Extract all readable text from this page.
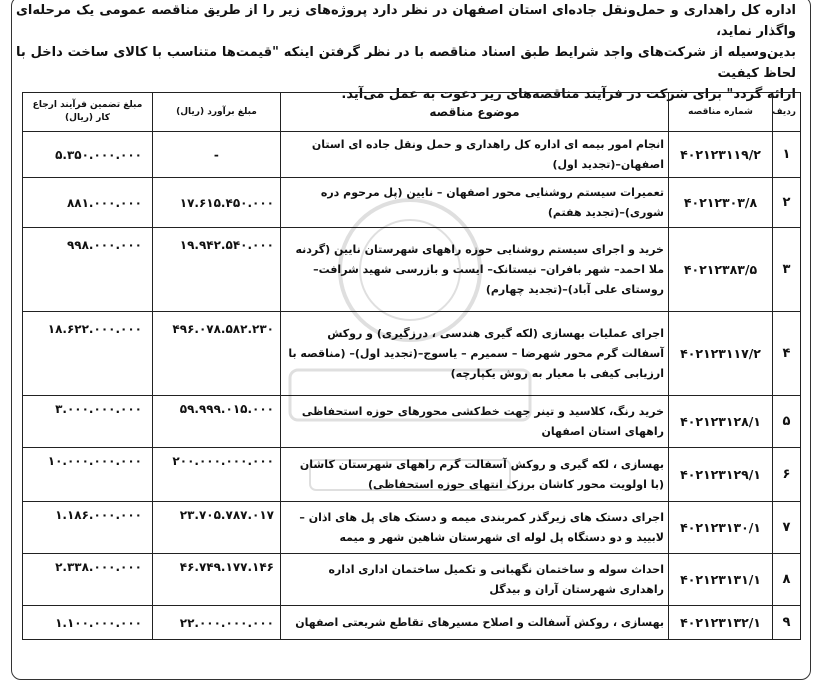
اداره کل راهداری و حمل‌ونقل جاده‌ای استان اصفهان در نظر دارد پروژه‌های زیر را از طریق مناقصه عمومی یک مرحله‌ای واگذار نماید،

بدین‌وسیله از شرکت‌های واجد شرایط طبق اسناد مناقصه با در نظر گرفتن اینکه "قیمت‌ها متناسب با کالای ساخت داخل با لحاظ کیفیت

ارائه گردد" برای شرکت در فرآیند مناقصه‌های زیر دعوت به عمل می‌آید.

ردیف	شماره مناقصه	موضوع مناقصه	مبلغ برآورد (ریال)	مبلغ تضمین فرآیند ارجاع کار (ریال)
۱	۴۰۲۱۲۳۱۱۹/۲	انجام امور بیمه ای اداره کل راهداری و حمل ونقل جاده ای استان اصفهان–(تجدید اول)	-	۵.۳۵۰.۰۰۰.۰۰۰
۲	۴۰۲۱۲۳۰۳/۸	تعمیرات سیستم روشنایی محور اصفهان – نایین (پل مرحوم دره شوری)–(تجدید هفتم)	۱۷.۶۱۵.۴۵۰.۰۰۰	۸۸۱.۰۰۰.۰۰۰
۳	۴۰۲۱۲۳۸۳/۵	خرید و اجرای سیستم روشنایی حوزه راههای شهرستان نایین (گردنه ملا احمد– شهر بافران– نیستانک– ایست و بازرسی شهید شرافت– روستای علی آباد)–(تجدید چهارم)	۱۹.۹۴۲.۵۴۰.۰۰۰	۹۹۸.۰۰۰.۰۰۰
۴	۴۰۲۱۲۳۱۱۷/۲	اجرای عملیات بهسازی (لکه گیری هندسی ، درزگیری) و روکش آسفالت گرم محور شهرضا – سمیرم – یاسوج–(تجدید اول)– (مناقصه با ارزیابی کیفی با معیار به روش یکپارچه)	۴۹۶.۰۷۸.۵۸۲.۲۳۰	۱۸.۶۲۲.۰۰۰.۰۰۰
۵	۴۰۲۱۲۳۱۲۸/۱	خرید رنگ، کلاسید و تینر جهت خط‌کشی محورهای حوزه استحفاظی راههای استان اصفهان	۵۹.۹۹۹.۰۱۵.۰۰۰	۳.۰۰۰.۰۰۰.۰۰۰
۶	۴۰۲۱۲۳۱۲۹/۱	بهسازی ، لکه گیری و روکش آسفالت گرم راههای شهرستان کاشان (با اولویت محور کاشان برزک انتهای حوزه استحفاظی)	۲۰۰.۰۰۰.۰۰۰.۰۰۰	۱۰.۰۰۰.۰۰۰.۰۰۰
۷	۴۰۲۱۲۳۱۳۰/۱	اجرای دستک های زیرگذر کمربندی میمه و دستک های پل های اذان – لابیید و دو دستگاه پل لوله ای شهرستان شاهین شهر و میمه	۲۳.۷۰۵.۷۸۷.۰۱۷	۱.۱۸۶.۰۰۰.۰۰۰
۸	۴۰۲۱۲۳۱۳۱/۱	احداث سوله و ساختمان نگهبانی و تکمیل ساختمان اداری اداره راهداری شهرستان آران و بیدگل	۴۶.۷۴۹.۱۷۷.۱۴۶	۲.۳۳۸.۰۰۰.۰۰۰
۹	۴۰۲۱۲۳۱۳۲/۱	بهسازی ، روکش آسفالت و اصلاح مسیرهای تقاطع شریعتی اصفهان	۲۲.۰۰۰.۰۰۰.۰۰۰	۱.۱۰۰.۰۰۰.۰۰۰
